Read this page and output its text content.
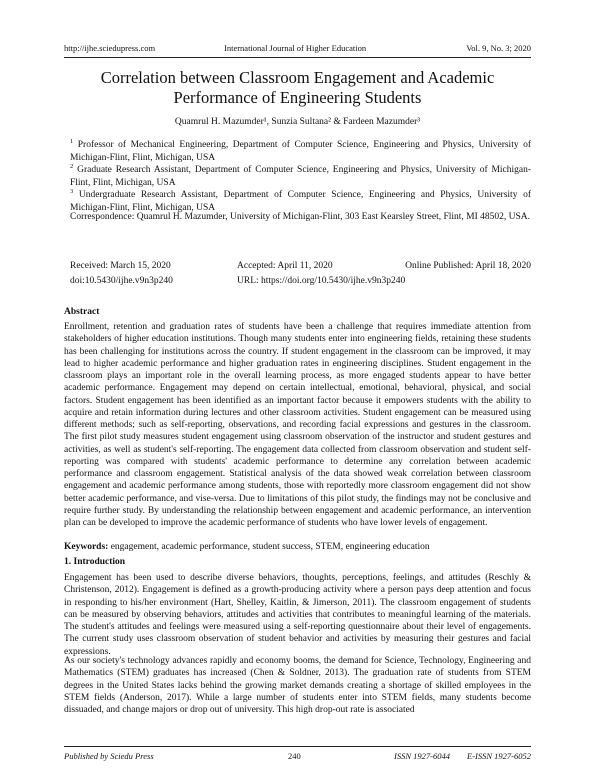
http://ijhe.sciedupress.com	International Journal of Higher Education	Vol. 9, No. 3; 2020
Correlation between Classroom Engagement and Academic Performance of Engineering Students
Quamrul H. Mazumder¹, Sunzia Sultana² & Fardeen Mazumder³
$^1$ Professor of Mechanical Engineering, Department of Computer Science, Engineering and Physics, University of Michigan-Flint, Flint, Michigan, USA
$^2$ Graduate Research Assistant, Department of Computer Science, Engineering and Physics, University of Michigan-Flint, Flint, Michigan, USA
$^3$ Undergraduate Research Assistant, Department of Computer Science, Engineering and Physics, University of Michigan-Flint, Flint, Michigan, USA
Correspondence: Quamrul H. Mazumder, University of Michigan-Flint, 303 East Kearsley Street, Flint, MI 48502, USA.
Received: March 15, 2020	Accepted: April 11, 2020	Online Published: April 18, 2020
doi:10.5430/ijhe.v9n3p240	URL: https://doi.org/10.5430/ijhe.v9n3p240
Abstract

Enrollment, retention and graduation rates of students have been a challenge that requires immediate attention from stakeholders of higher education institutions. Though many students enter into engineering fields, retaining these students has been challenging for institutions across the country. If student engagement in the classroom can be improved, it may lead to higher academic performance and higher graduation rates in engineering disciplines. Student engagement in the classroom plays an important role in the overall learning process, as more engaged students appear to have better academic performance. Engagement may depend on certain intellectual, emotional, behavioral, physical, and social factors. Student engagement has been identified as an important factor because it empowers students with the ability to acquire and retain information during lectures and other classroom activities. Student engagement can be measured using different methods; such as self-reporting, observations, and recording facial expressions and gestures in the classroom. The first pilot study measures student engagement using classroom observation of the instructor and student gestures and activities, as well as student's self-reporting. The engagement data collected from classroom observation and student self-reporting was compared with students' academic performance to determine any correlation between academic performance and classroom engagement. Statistical analysis of the data showed weak correlation between classroom engagement and academic performance among students, those with reportedly more classroom engagement did not show better academic performance, and vise-versa. Due to limitations of this pilot study, the findings may not be conclusive and require further study. By understanding the relationship between engagement and academic performance, an intervention plan can be developed to improve the academic performance of students who have lower levels of engagement.

Keywords: engagement, academic performance, student success, STEM, engineering education

1. Introduction

Engagement has been used to describe diverse behaviors, thoughts, perceptions, feelings, and attitudes (Reschly & Christenson, 2012). Engagement is defined as a growth-producing activity where a person pays deep attention and focus in responding to his/her environment (Hart, Shelley, Kaitlin, & Jimerson, 2011). The classroom engagement of students can be measured by observing behaviors, attitudes and activities that contributes to meaningful learning of the materials. The student's attitudes and feelings were measured using a self-reporting questionnaire about their level of engagements. The current study uses classroom observation of student behavior and activities by measuring their gestures and facial expressions.

As our society's technology advances rapidly and economy booms, the demand for Science, Technology, Engineering and Mathematics (STEM) graduates has increased (Chen & Soldner, 2013). The graduation rate of students from STEM degrees in the United States lacks behind the growing market demands creating a shortage of skilled employees in the STEM fields (Anderson, 2017). While a large number of students enter into STEM fields, many students become dissuaded, and change majors or drop out of university. This high drop-out rate is associated

Published by Sciedu Press	240	ISSN 1927-6044 E-ISSN 1927-6052
